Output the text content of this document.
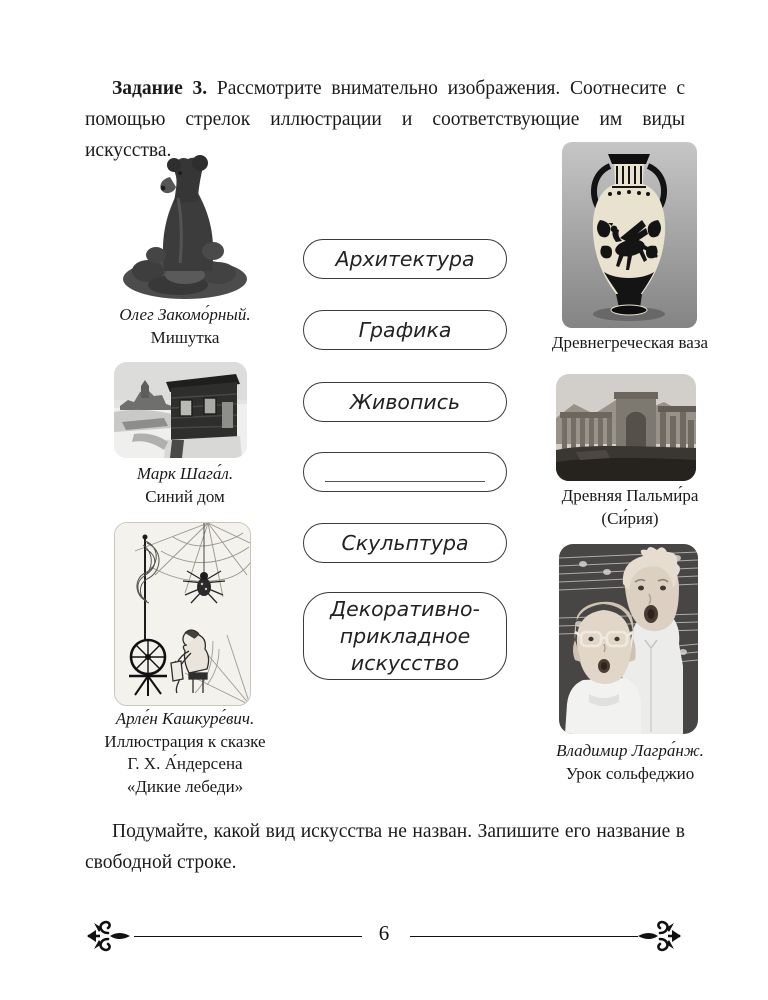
Задание 3. Рассмотрите внимательно изображения. Соотнесите с помощью стрелок иллюстрации и соответствующие им виды искусства.

Олег Закомо́рный.
Мишутка
Марк Шага́л.
Синий дом
Арле́н Кашкуре́вич.
Иллюстрация к сказке
Г. Х. А́ндерсена
«Дикие лебеди»
Архитектура
Графика
Живопись
Скульптура
Декоративно-прикладное искусство
Древнегреческая ваза
Древняя Пальми́ра
(Си́рия)
Владимир Лагра́нж.
Урок сольфеджио

Подумайте, какой вид искусства не назван. Запишите его название в свободной строке.

6
